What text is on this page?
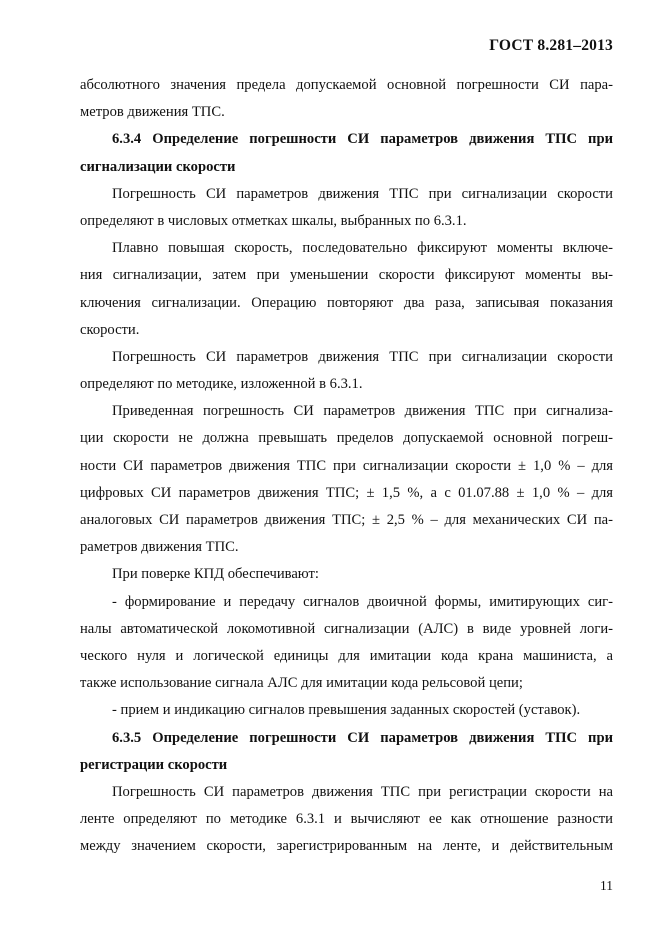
ГОСТ 8.281–2013
абсолютного значения предела допускаемой основной погрешности СИ пара-
метров движения ТПС.
6.3.4 Определение погрешности СИ параметров движения ТПС при
сигнализации скорости
Погрешность СИ параметров движения ТПС при сигнализации скорости
определяют в числовых отметках шкалы, выбранных по 6.3.1.
Плавно повышая скорость, последовательно фиксируют моменты включе-
ния сигнализации, затем при уменьшении скорости фиксируют моменты вы-
ключения сигнализации. Операцию повторяют два раза, записывая показания
скорости.
Погрешность СИ параметров движения ТПС при сигнализации скорости
определяют по методике, изложенной в 6.3.1.
Приведенная погрешность СИ параметров движения ТПС при сигнализа-
ции скорости не должна превышать пределов допускаемой основной погреш-
ности СИ параметров движения ТПС при сигнализации скорости ± 1,0 % – для
цифровых СИ параметров движения ТПС; ± 1,5 %, а с 01.07.88 ± 1,0 % – для
аналоговых СИ параметров движения ТПС; ± 2,5 % – для механических СИ па-
раметров движения ТПС.
При поверке КПД обеспечивают:
- формирование и передачу сигналов двоичной формы, имитирующих сиг-
налы автоматической локомотивной сигнализации (АЛС) в виде уровней логи-
ческого нуля и логической единицы для имитации кода крана машиниста, а
также использование сигнала АЛС для имитации кода рельсовой цепи;
- прием и индикацию сигналов превышения заданных скоростей (уставок).
6.3.5 Определение погрешности СИ параметров движения ТПС при
регистрации скорости
Погрешность СИ параметров движения ТПС при регистрации скорости на
ленте определяют по методике 6.3.1 и вычисляют ее как отношение разности
между значением скорости, зарегистрированным на ленте, и действительным
11
